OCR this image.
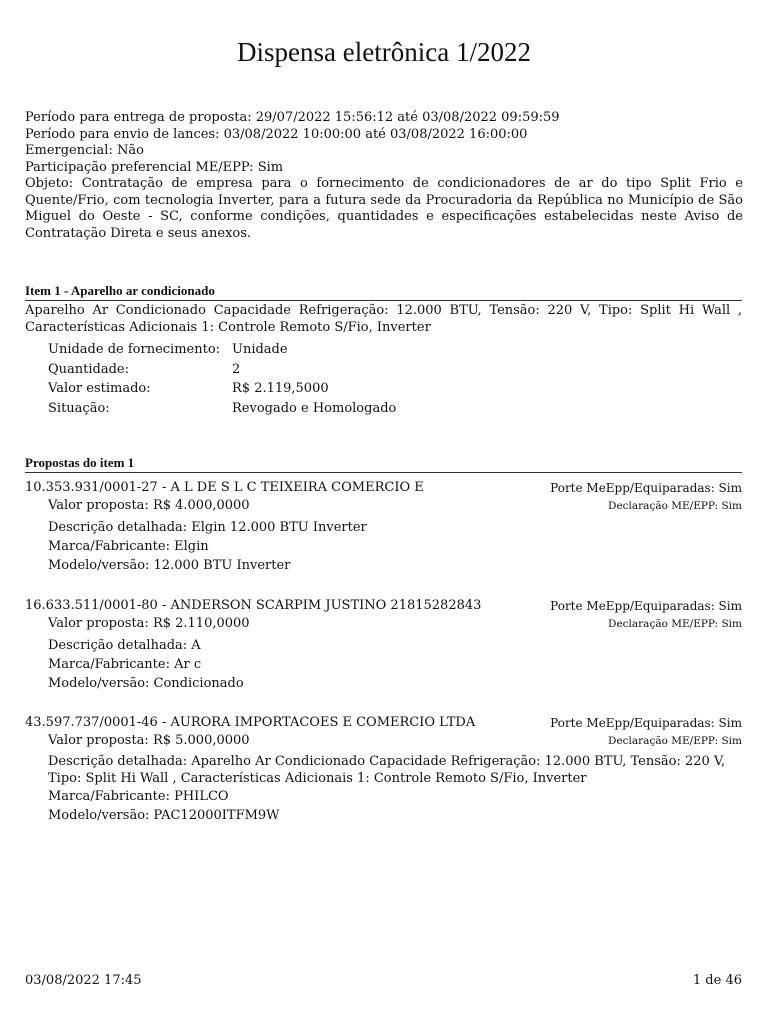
Dispensa eletrônica 1/2022
Período para entrega de proposta: 29/07/2022 15:56:12 até 03/08/2022 09:59:59
Período para envio de lances: 03/08/2022 10:00:00 até 03/08/2022 16:00:00
Emergencial: Não
Participação preferencial ME/EPP: Sim
Objeto: Contratação de empresa para o fornecimento de condicionadores de ar do tipo Split Frio e Quente/Frio, com tecnologia Inverter, para a futura sede da Procuradoria da República no Município de São Miguel do Oeste - SC, conforme condições, quantidades e especificações estabelecidas neste Aviso de Contratação Direta e seus anexos.
Item 1 - Aparelho ar condicionado
Aparelho Ar Condicionado Capacidade Refrigeração: 12.000 BTU, Tensão: 220 V, Tipo: Split Hi Wall , Características Adicionais 1: Controle Remoto S/Fio, Inverter
Unidade de fornecimento: Unidade
Quantidade:	2
Valor estimado:	R$ 2.119,5000
Situação:	Revogado e Homologado
Propostas do item 1
10.353.931/0001-27 - A L DE S L C TEIXEIRA COMERCIO E	Porte MeEpp/Equiparadas: Sim
Valor proposta: R$ 4.000,0000	Declaração ME/EPP: Sim
Descrição detalhada: Elgin 12.000 BTU Inverter
Marca/Fabricante: Elgin
Modelo/versão: 12.000 BTU Inverter
16.633.511/0001-80 - ANDERSON SCARPIM JUSTINO 21815282843	Porte MeEpp/Equiparadas: Sim
Valor proposta: R$ 2.110,0000	Declaração ME/EPP: Sim
Descrição detalhada: A
Marca/Fabricante: Ar c
Modelo/versão: Condicionado
43.597.737/0001-46 - AURORA IMPORTACOES E COMERCIO LTDA	Porte MeEpp/Equiparadas: Sim
Valor proposta: R$ 5.000,0000	Declaração ME/EPP: Sim
Descrição detalhada: Aparelho Ar Condicionado Capacidade Refrigeração: 12.000 BTU, Tensão: 220 V, Tipo: Split Hi Wall , Características Adicionais 1: Controle Remoto S/Fio, Inverter
Marca/Fabricante: PHILCO
Modelo/versão: PAC12000ITFM9W
03/08/2022 17:45	1 de 46
